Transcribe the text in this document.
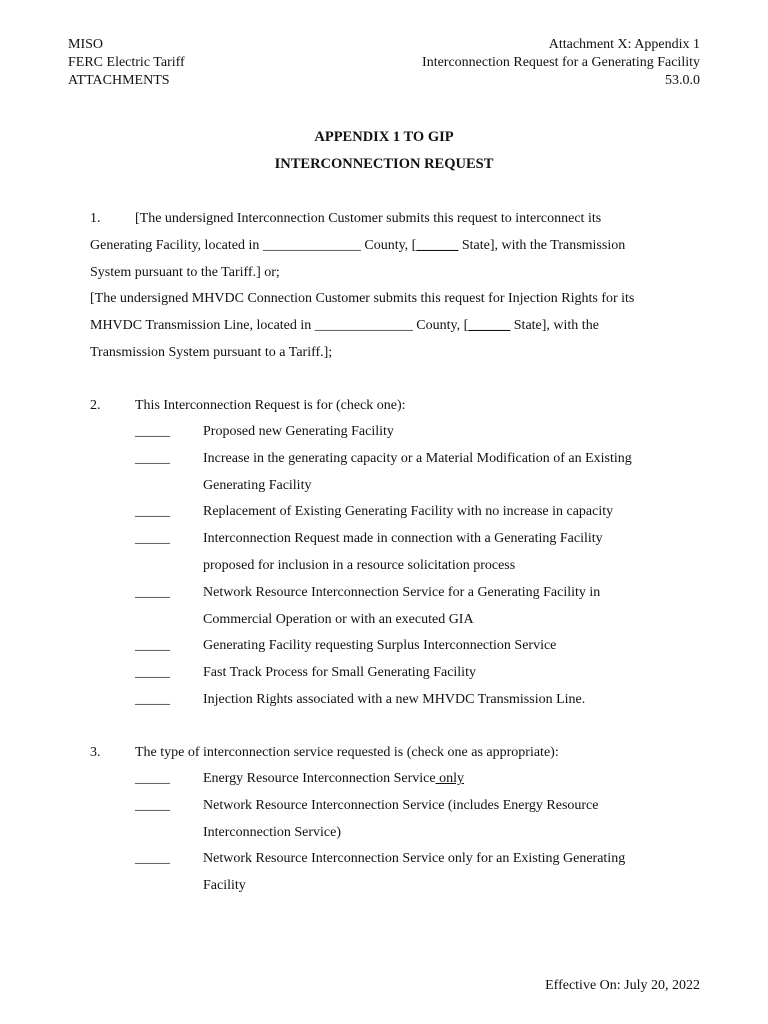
MISO
FERC Electric Tariff
ATTACHMENTS
Attachment X: Appendix 1
Interconnection Request for a Generating Facility
53.0.0
APPENDIX 1 TO GIP
INTERCONNECTION REQUEST
1. [The undersigned Interconnection Customer submits this request to interconnect its
Generating Facility, located in ______________ County, [______ State], with the Transmission
System pursuant to the Tariff.] or;
[The undersigned MHVDC Connection Customer submits this request for Injection Rights for its
MHVDC Transmission Line, located in ______________ County, [______ State], with the
Transmission System pursuant to a Tariff.];
2. This Interconnection Request is for (check one):
_____ Proposed new Generating Facility
_____ Increase in the generating capacity or a Material Modification of an Existing
Generating Facility
_____ Replacement of Existing Generating Facility with no increase in capacity
_____ Interconnection Request made in connection with a Generating Facility
proposed for inclusion in a resource solicitation process
_____ Network Resource Interconnection Service for a Generating Facility in
Commercial Operation or with an executed GIA
_____ Generating Facility requesting Surplus Interconnection Service
_____ Fast Track Process for Small Generating Facility
_____ Injection Rights associated with a new MHVDC Transmission Line.
3. The type of interconnection service requested is (check one as appropriate):
_____ Energy Resource Interconnection Service only
_____ Network Resource Interconnection Service (includes Energy Resource
Interconnection Service)
_____ Network Resource Interconnection Service only for an Existing Generating
Facility
Effective On: July 20, 2022
